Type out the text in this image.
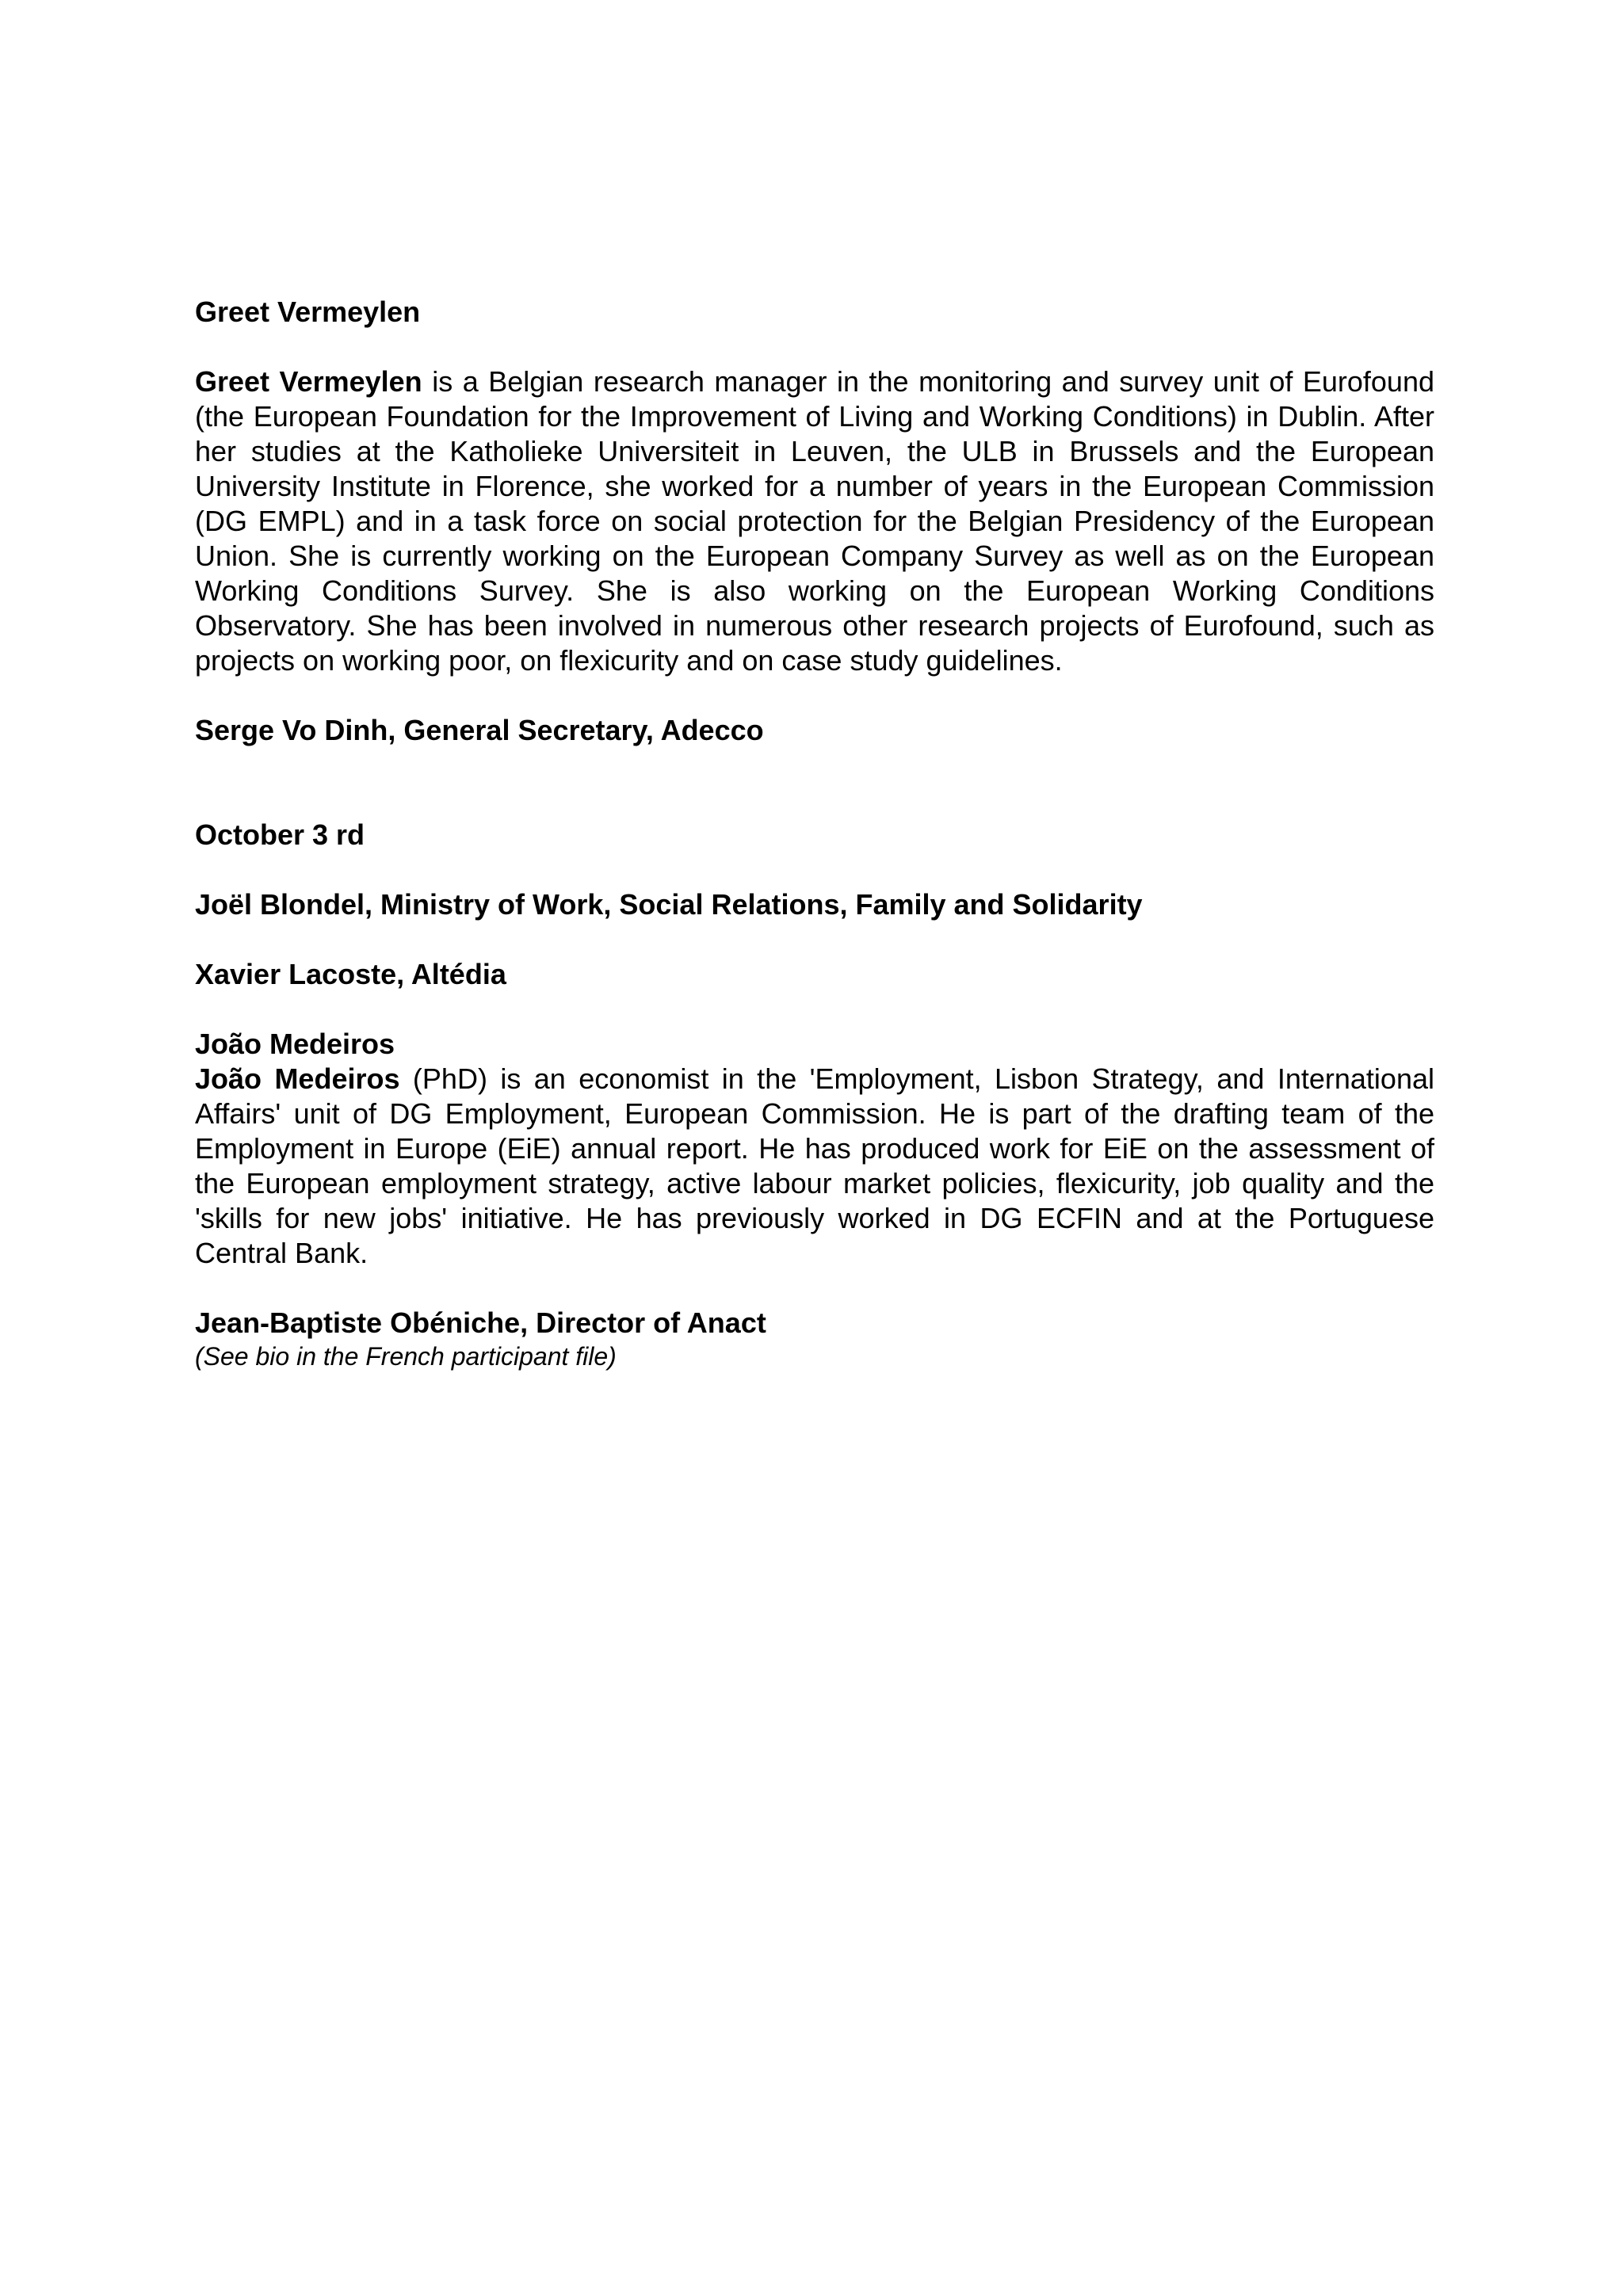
Greet Vermeylen

Greet Vermeylen is a Belgian research manager in the monitoring and survey unit of Eurofound (the European Foundation for the Improvement of Living and Working Conditions) in Dublin. After her studies at the Katholieke Universiteit in Leuven, the ULB in Brussels and the European University Institute in Florence, she worked for a number of years in the European Commission (DG EMPL) and in a task force on social protection for the Belgian Presidency of the European Union. She is currently working on the European Company Survey as well as on the European Working Conditions Survey. She is also working on the European Working Conditions Observatory. She has been involved in numerous other research projects of Eurofound, such as projects on working poor, on flexicurity and on case study guidelines.

Serge Vo Dinh, General Secretary, Adecco

October 3 rd

Joël Blondel, Ministry of Work, Social Relations, Family and Solidarity

Xavier Lacoste, Altédia

João Medeiros

João Medeiros (PhD) is an economist in the 'Employment, Lisbon Strategy, and International Affairs' unit of DG Employment, European Commission. He is part of the drafting team of the Employment in Europe (EiE) annual report. He has produced work for EiE on the assessment of the European employment strategy, active labour market policies, flexicurity, job quality and the 'skills for new jobs' initiative. He has previously worked in DG ECFIN and at the Portuguese Central Bank.

Jean-Baptiste Obéniche, Director of Anact

(See bio in the French participant file)
